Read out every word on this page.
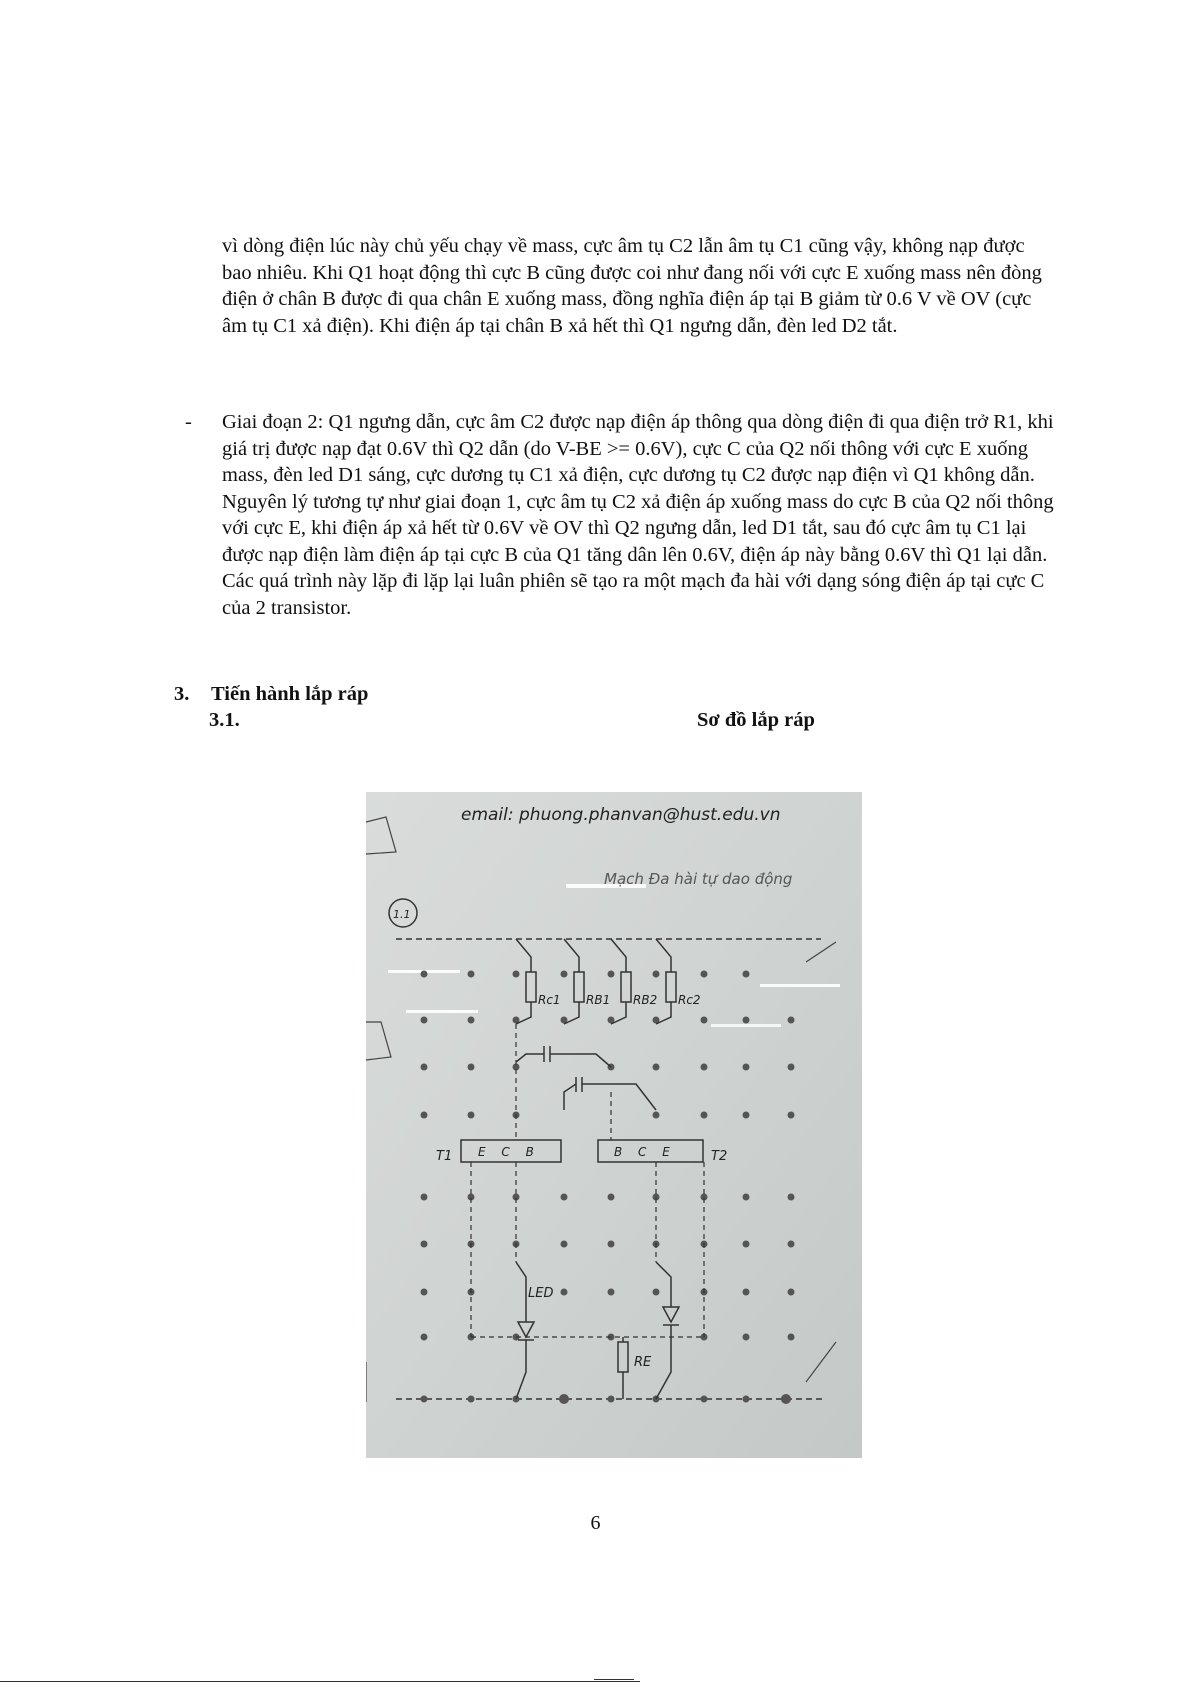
vì dòng điện lúc này chủ yếu chạy về mass, cực âm tụ C2 lẫn âm tụ C1 cũng vậy, không nạp được bao nhiêu. Khi Q1 hoạt động thì cực B cũng được coi như đang nối với cực E xuống mass nên đòng điện ở chân B được đi qua chân E xuống mass, đồng nghĩa điện áp tại B giảm từ 0.6 V về OV (cực âm tụ C1 xả điện). Khi điện áp tại chân B xả hết thì Q1 ngưng dẫn, đèn led D2 tắt.

- Giai đoạn 2: Q1 ngưng dẫn, cực âm C2 được nạp điện áp thông qua dòng điện đi qua điện trở R1, khi giá trị được nạp đạt 0.6V thì Q2 dẫn (do V-BE >= 0.6V), cực C của Q2 nối thông với cực E xuống mass, đèn led D1 sáng, cực dương tụ C1 xả điện, cực dương tụ C2 được nạp điện vì Q1 không dẫn. Nguyên lý tương tự như giai đoạn 1, cực âm tụ C2 xả điện áp xuống mass do cực B của Q2 nối thông với cực E, khi điện áp xả hết từ 0.6V về OV thì Q2 ngưng dẫn, led D1 tắt, sau đó cực âm tụ C1 lại được nạp điện làm điện áp tại cực B của Q1 tăng dân lên 0.6V, điện áp này bằng 0.6V thì Q1 lại dẫn. Các quá trình này lặp đi lặp lại luân phiên sẽ tạo ra một mạch đa hài với dạng sóng điện áp tại cực C của 2 transistor.

3. Tiến hành lắp ráp
3.1.	Sơ đồ lắp ráp
email: phuong.phanvan@hust.edu.vn
Mạch Đa hài tự dao động
1.1
Rc1 RB1 RB2 Rc2
T1	T2
E C B	B C E
LED
RE
6
